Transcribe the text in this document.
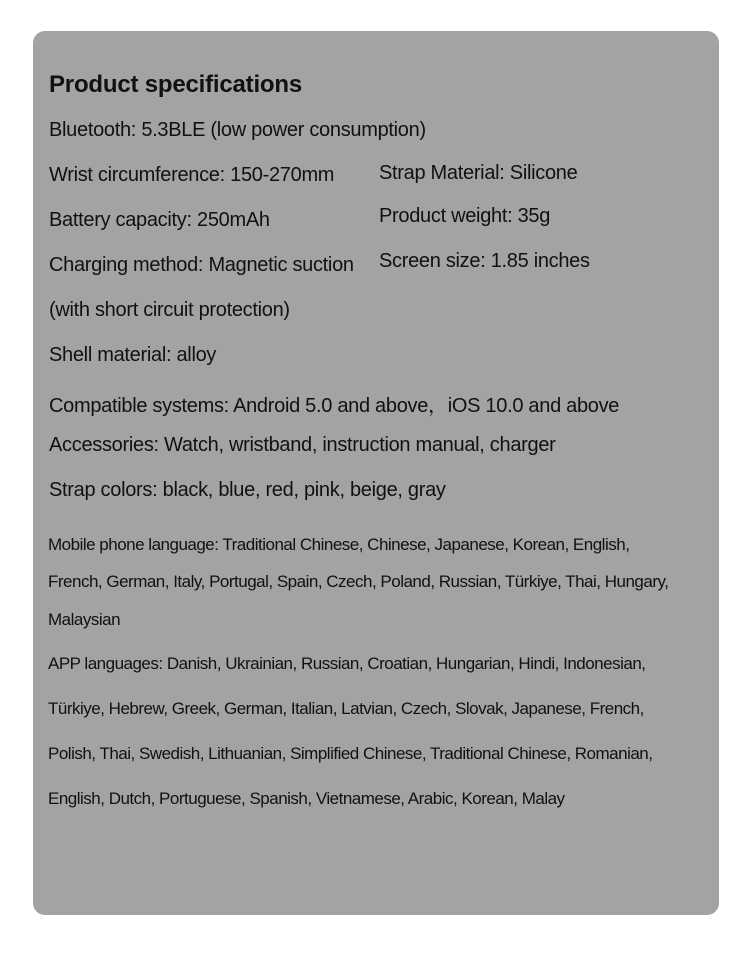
Product specifications
Bluetooth: 5.3BLE (low power consumption)
Wrist circumference: 150-270mm Strap Material: Silicone
Battery capacity: 250mAh	Product weight: 35g
Charging method: Magnetic suction Screen size: 1.85 inches
(with short circuit protection)
Shell material: alloy
Compatible systems: Android 5.0 and above，iOS 10.0 and above
Accessories: Watch, wristband, instruction manual, charger
Strap colors: black, blue, red, pink, beige, gray
Mobile phone language: Traditional Chinese, Chinese, Japanese, Korean, English,
French, German, Italy, Portugal, Spain, Czech, Poland, Russian, Türkiye, Thai, Hungary,
Malaysian
APP languages: Danish, Ukrainian, Russian, Croatian, Hungarian, Hindi, Indonesian,
Türkiye, Hebrew, Greek, German, Italian, Latvian, Czech, Slovak, Japanese, French,
Polish, Thai, Swedish, Lithuanian, Simplified Chinese, Traditional Chinese, Romanian,
English, Dutch, Portuguese, Spanish, Vietnamese, Arabic, Korean, Malay
